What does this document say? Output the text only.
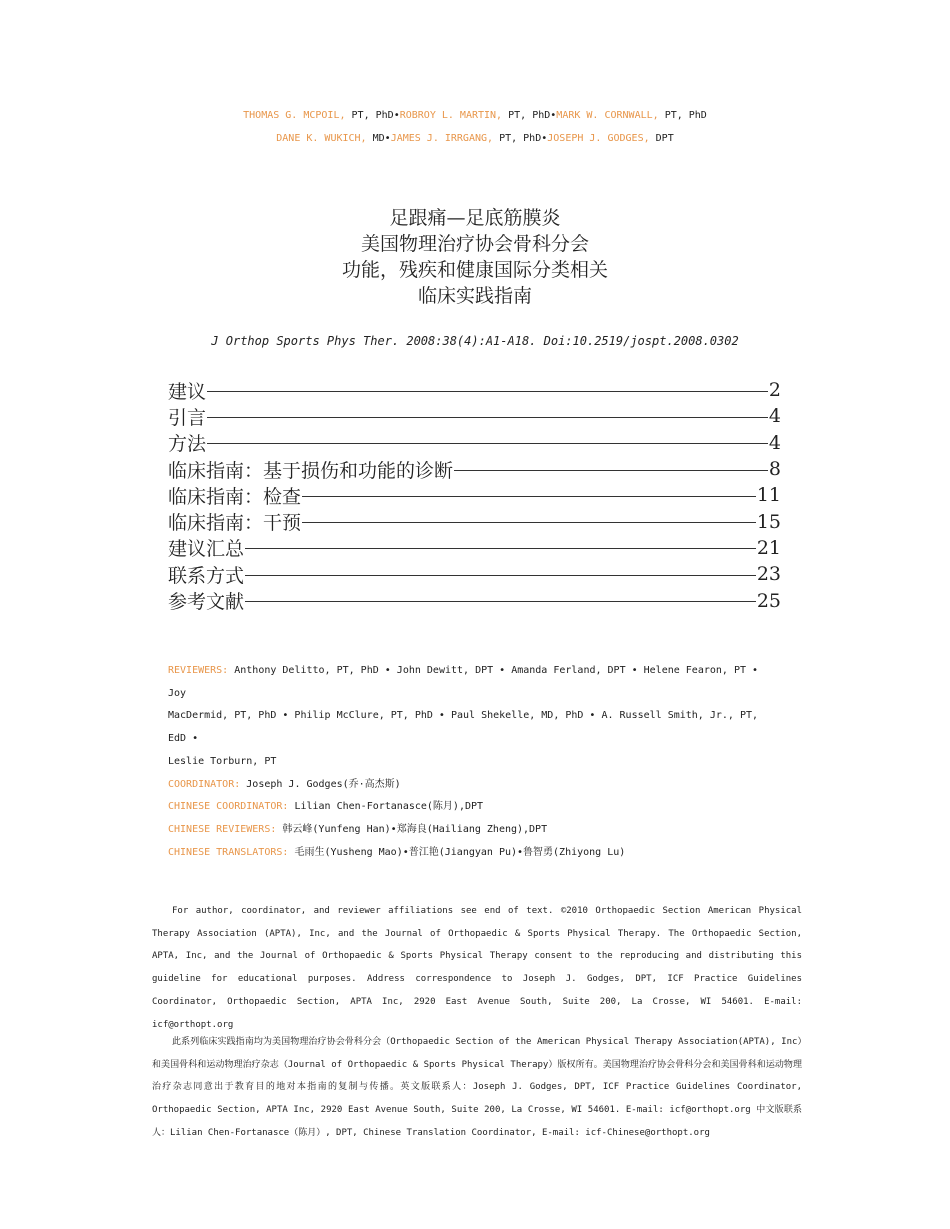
THOMAS G. MCPOIL, PT, PhD•ROBROY L. MARTIN, PT, PhD•MARK W. CORNWALL, PT, PhD
DANE K. WUKICH, MD•JAMES J. IRRGANG, PT, PhD•JOSEPH J. GODGES, DPT
足跟痛—足底筋膜炎
美国物理治疗协会骨科分会
功能，残疾和健康国际分类相关
临床实践指南
J Orthop Sports Phys Ther. 2008:38(4):A1-A18. Doi:10.2519/jospt.2008.0302
建议	2
引言	4
方法	4
临床指南：基于损伤和功能的诊断	8
临床指南：检查	11
临床指南：干预	15
建议汇总	21
联系方式	23
参考文献	25

REVIEWERS: Anthony Delitto, PT, PhD • John Dewitt, DPT • Amanda Ferland, DPT • Helene Fearon, PT • Joy

MacDermid, PT, PhD • Philip McClure, PT, PhD • Paul Shekelle, MD, PhD • A. Russell Smith, Jr., PT, EdD •

Leslie Torburn, PT

COORDINATOR: Joseph J. Godges(乔·高杰斯)

CHINESE COORDINATOR: Lilian Chen-Fortanasce(陈月),DPT

CHINESE REVIEWERS: 韩云峰(Yunfeng Han)•郑海良(Hailiang Zheng),DPT

CHINESE TRANSLATORS: 毛雨生(Yusheng Mao)•普江艳(Jiangyan Pu)•鲁智勇(Zhiyong Lu)

For author, coordinator, and reviewer affiliations see end of text. ©2010 Orthopaedic Section American Physical Therapy Association (APTA), Inc, and the Journal of Orthopaedic & Sports Physical Therapy. The Orthopaedic Section, APTA, Inc, and the Journal of Orthopaedic & Sports Physical Therapy consent to the reproducing and distributing this guideline for educational purposes. Address correspondence to Joseph J. Godges, DPT, ICF Practice Guidelines Coordinator, Orthopaedic Section, APTA Inc, 2920 East Avenue South, Suite 200, La Crosse, WI 54601. E-mail: icf@orthopt.org

此系列临床实践指南均为美国物理治疗协会骨科分会（Orthopaedic Section of the American Physical Therapy Association(APTA), Inc）和美国骨科和运动物理治疗杂志（Journal of Orthopaedic & Sports Physical Therapy）版权所有。美国物理治疗协会骨科分会和美国骨科和运动物理治疗杂志同意出于教育目的地对本指南的复制与传播。英文版联系人：Joseph J. Godges, DPT, ICF Practice Guidelines Coordinator, Orthopaedic Section, APTA Inc, 2920 East Avenue South, Suite 200, La Crosse, WI 54601. E-mail: icf@orthopt.org 中文版联系人：Lilian Chen-Fortanasce（陈月）, DPT, Chinese Translation Coordinator, E-mail: icf-Chinese@orthopt.org
